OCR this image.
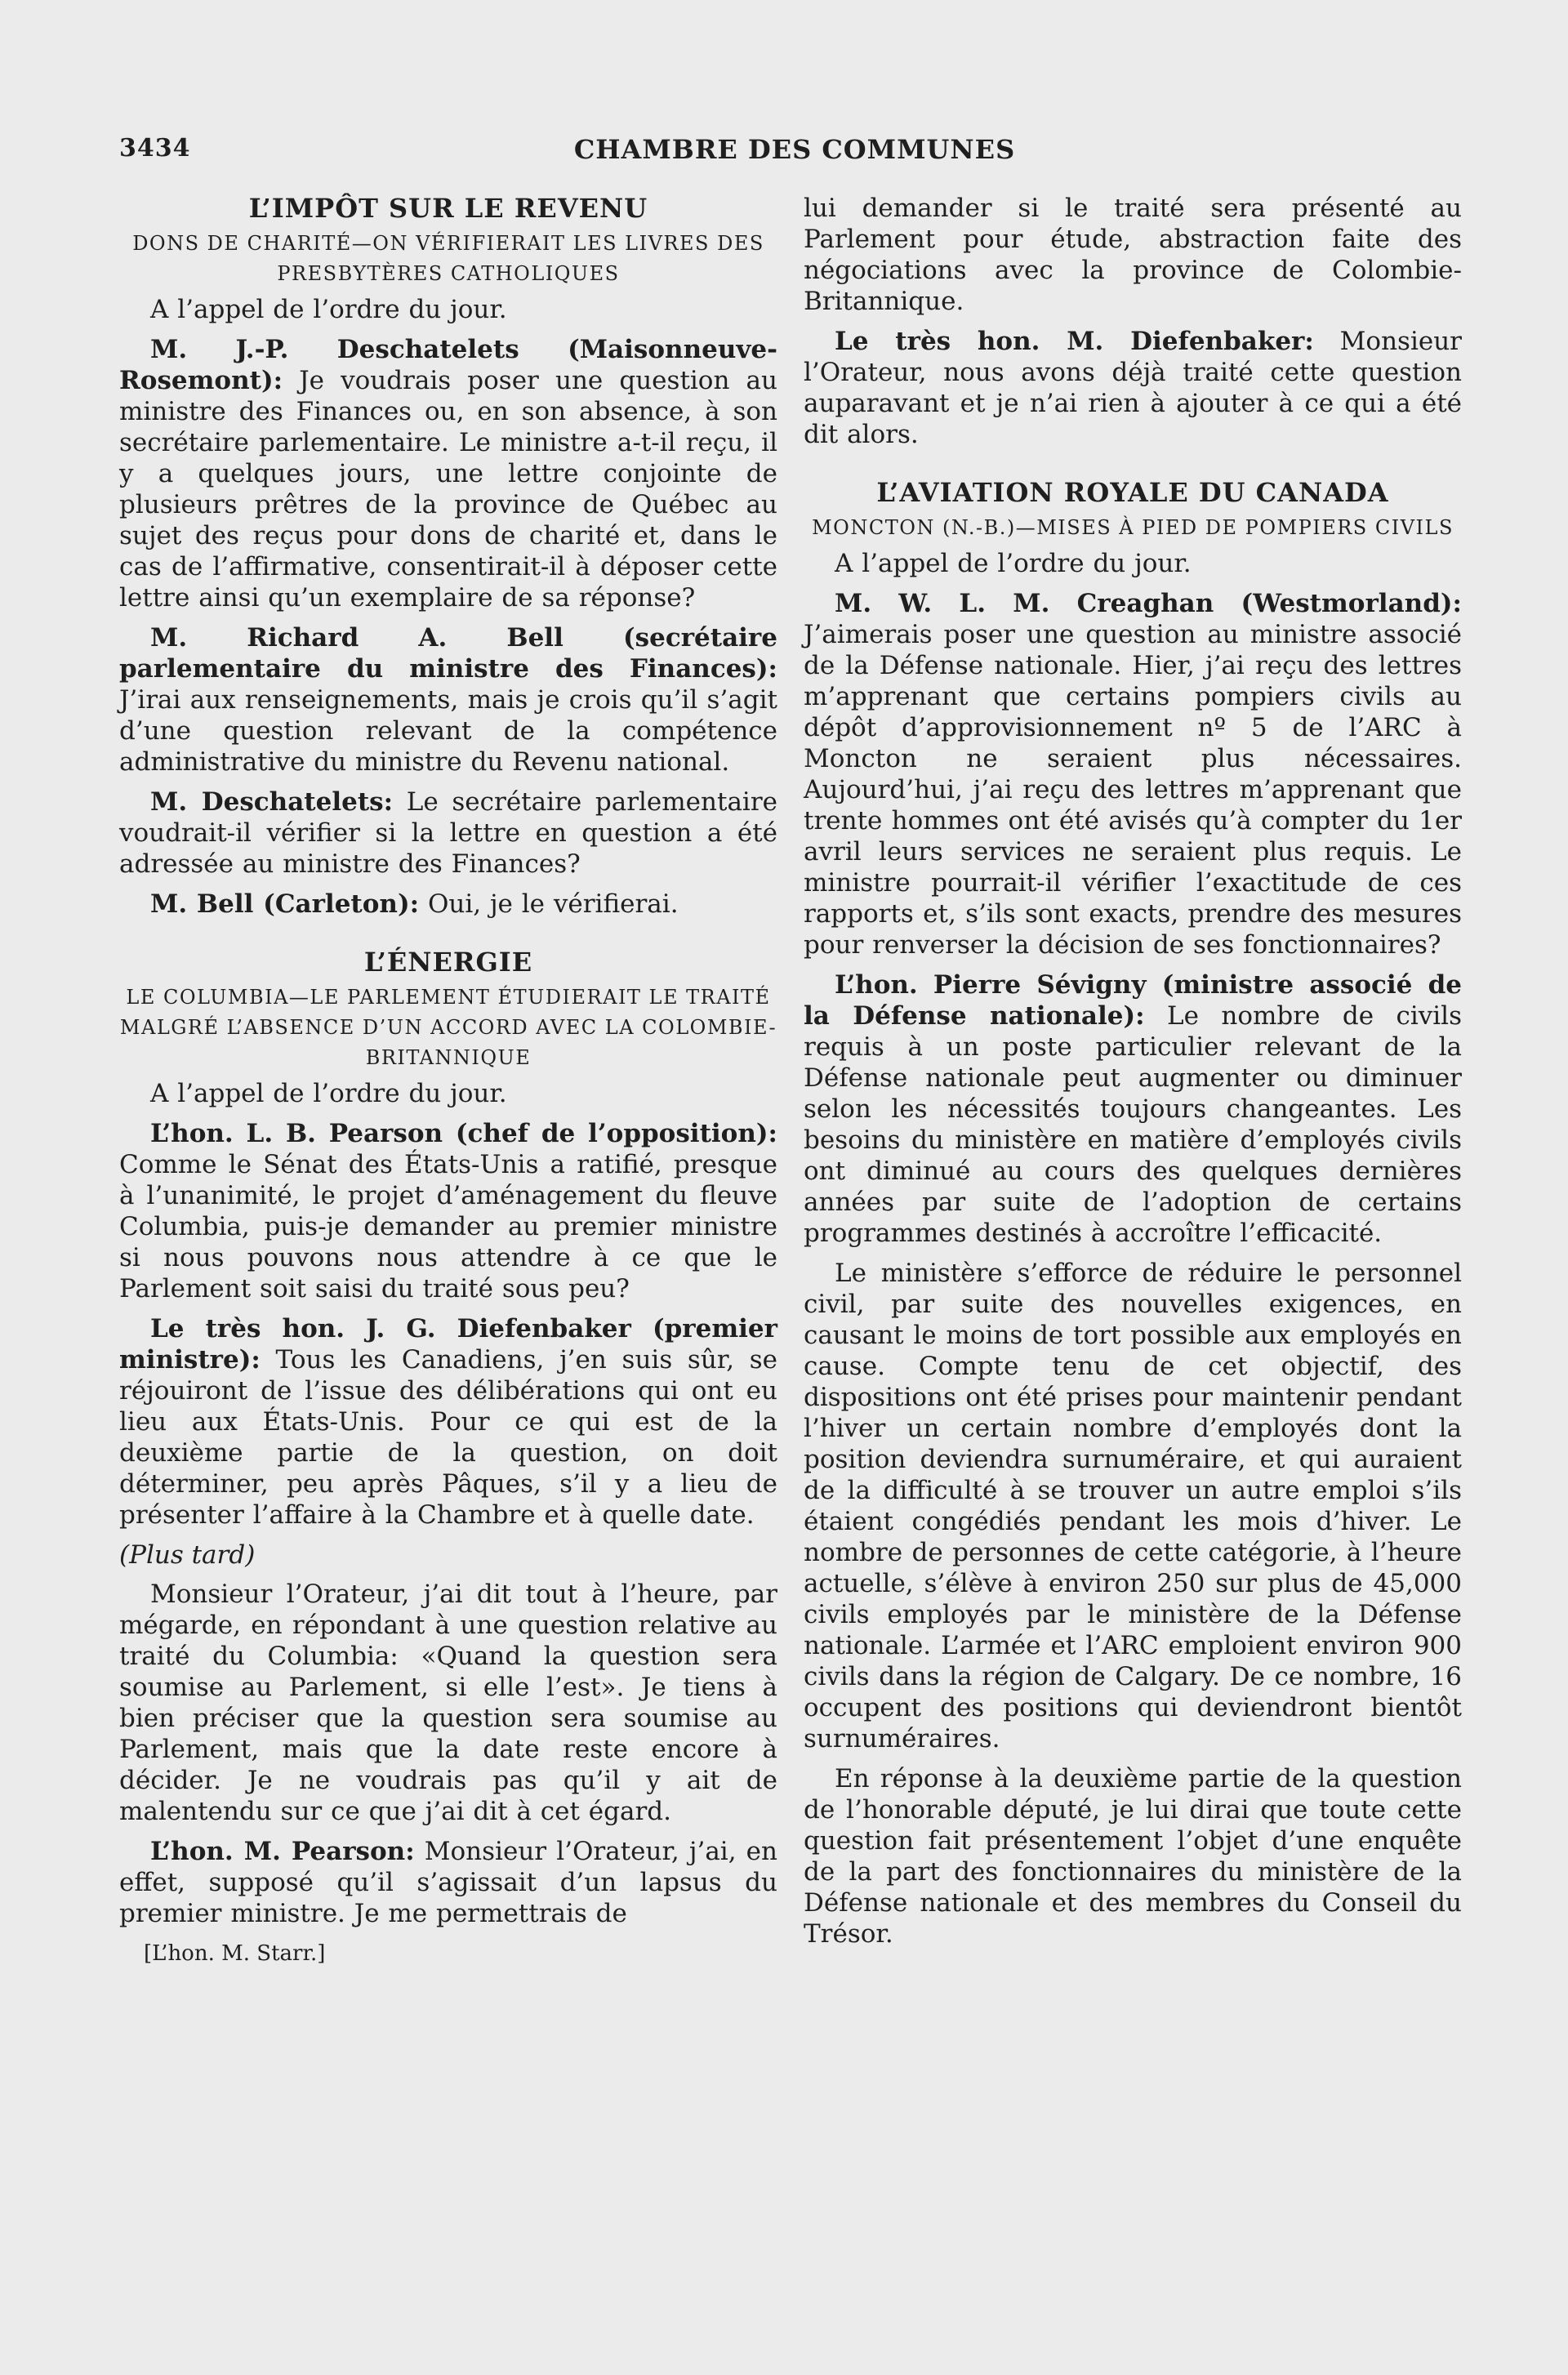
3434	CHAMBRE DES COMMUNES
L’IMPÔT SUR LE REVENU
DONS DE CHARITÉ—ON VÉRIFIERAIT LES LIVRES DES PRESBYTÈRES CATHOLIQUES

A l’appel de l’ordre du jour.

M. J.-P. Deschatelets (Maisonneuve-Rosemont): Je voudrais poser une question au ministre des Finances ou, en son absence, à son secrétaire parlementaire. Le ministre a-t-il reçu, il y a quelques jours, une lettre conjointe de plusieurs prêtres de la province de Québec au sujet des reçus pour dons de charité et, dans le cas de l’affirmative, consentirait-il à déposer cette lettre ainsi qu’un exemplaire de sa réponse?

M. Richard A. Bell (secrétaire parlementaire du ministre des Finances): J’irai aux renseignements, mais je crois qu’il s’agit d’une question relevant de la compétence administrative du ministre du Revenu national.

M. Deschatelets: Le secrétaire parlementaire voudrait-il vérifier si la lettre en question a été adressée au ministre des Finances?

M. Bell (Carleton): Oui, je le vérifierai.

L’ÉNERGIE
LE COLUMBIA—LE PARLEMENT ÉTUDIERAIT LE TRAITÉ MALGRÉ L’ABSENCE D’UN ACCORD AVEC LA COLOMBIE-BRITANNIQUE

A l’appel de l’ordre du jour.

L’hon. L. B. Pearson (chef de l’opposition): Comme le Sénat des États-Unis a ratifié, presque à l’unanimité, le projet d’aménagement du fleuve Columbia, puis-je demander au premier ministre si nous pouvons nous attendre à ce que le Parlement soit saisi du traité sous peu?

Le très hon. J. G. Diefenbaker (premier ministre): Tous les Canadiens, j’en suis sûr, se réjouiront de l’issue des délibérations qui ont eu lieu aux États-Unis. Pour ce qui est de la deuxième partie de la question, on doit déterminer, peu après Pâques, s’il y a lieu de présenter l’affaire à la Chambre et à quelle date.

(Plus tard)

Monsieur l’Orateur, j’ai dit tout à l’heure, par mégarde, en répondant à une question relative au traité du Columbia: «Quand la question sera soumise au Parlement, si elle l’est». Je tiens à bien préciser que la question sera soumise au Parlement, mais que la date reste encore à décider. Je ne voudrais pas qu’il y ait de malentendu sur ce que j’ai dit à cet égard.

L’hon. M. Pearson: Monsieur l’Orateur, j’ai, en effet, supposé qu’il s’agissait d’un lapsus du premier ministre. Je me permettrais de

[L’hon. M. Starr.]

lui demander si le traité sera présenté au Parlement pour étude, abstraction faite des négociations avec la province de Colombie-Britannique.

Le très hon. M. Diefenbaker: Monsieur l’Orateur, nous avons déjà traité cette question auparavant et je n’ai rien à ajouter à ce qui a été dit alors.

L’AVIATION ROYALE DU CANADA
MONCTON (N.-B.)—MISES À PIED DE POMPIERS CIVILS

A l’appel de l’ordre du jour.

M. W. L. M. Creaghan (Westmorland): J’aimerais poser une question au ministre associé de la Défense nationale. Hier, j’ai reçu des lettres m’apprenant que certains pompiers civils au dépôt d’approvisionnement nº 5 de l’ARC à Moncton ne seraient plus nécessaires. Aujourd’hui, j’ai reçu des lettres m’apprenant que trente hommes ont été avisés qu’à compter du 1er avril leurs services ne seraient plus requis. Le ministre pourrait-il vérifier l’exactitude de ces rapports et, s’ils sont exacts, prendre des mesures pour renverser la décision de ses fonctionnaires?

L’hon. Pierre Sévigny (ministre associé de la Défense nationale): Le nombre de civils requis à un poste particulier relevant de la Défense nationale peut augmenter ou diminuer selon les nécessités toujours changeantes. Les besoins du ministère en matière d’employés civils ont diminué au cours des quelques dernières années par suite de l’adoption de certains programmes destinés à accroître l’efficacité.

Le ministère s’efforce de réduire le personnel civil, par suite des nouvelles exigences, en causant le moins de tort possible aux employés en cause. Compte tenu de cet objectif, des dispositions ont été prises pour maintenir pendant l’hiver un certain nombre d’employés dont la position deviendra surnuméraire, et qui auraient de la difficulté à se trouver un autre emploi s’ils étaient congédiés pendant les mois d’hiver. Le nombre de personnes de cette catégorie, à l’heure actuelle, s’élève à environ 250 sur plus de 45,000 civils employés par le ministère de la Défense nationale. L’armée et l’ARC emploient environ 900 civils dans la région de Calgary. De ce nombre, 16 occupent des positions qui deviendront bientôt surnuméraires.

En réponse à la deuxième partie de la question de l’honorable député, je lui dirai que toute cette question fait présentement l’objet d’une enquête de la part des fonctionnaires du ministère de la Défense nationale et des membres du Conseil du Trésor.
